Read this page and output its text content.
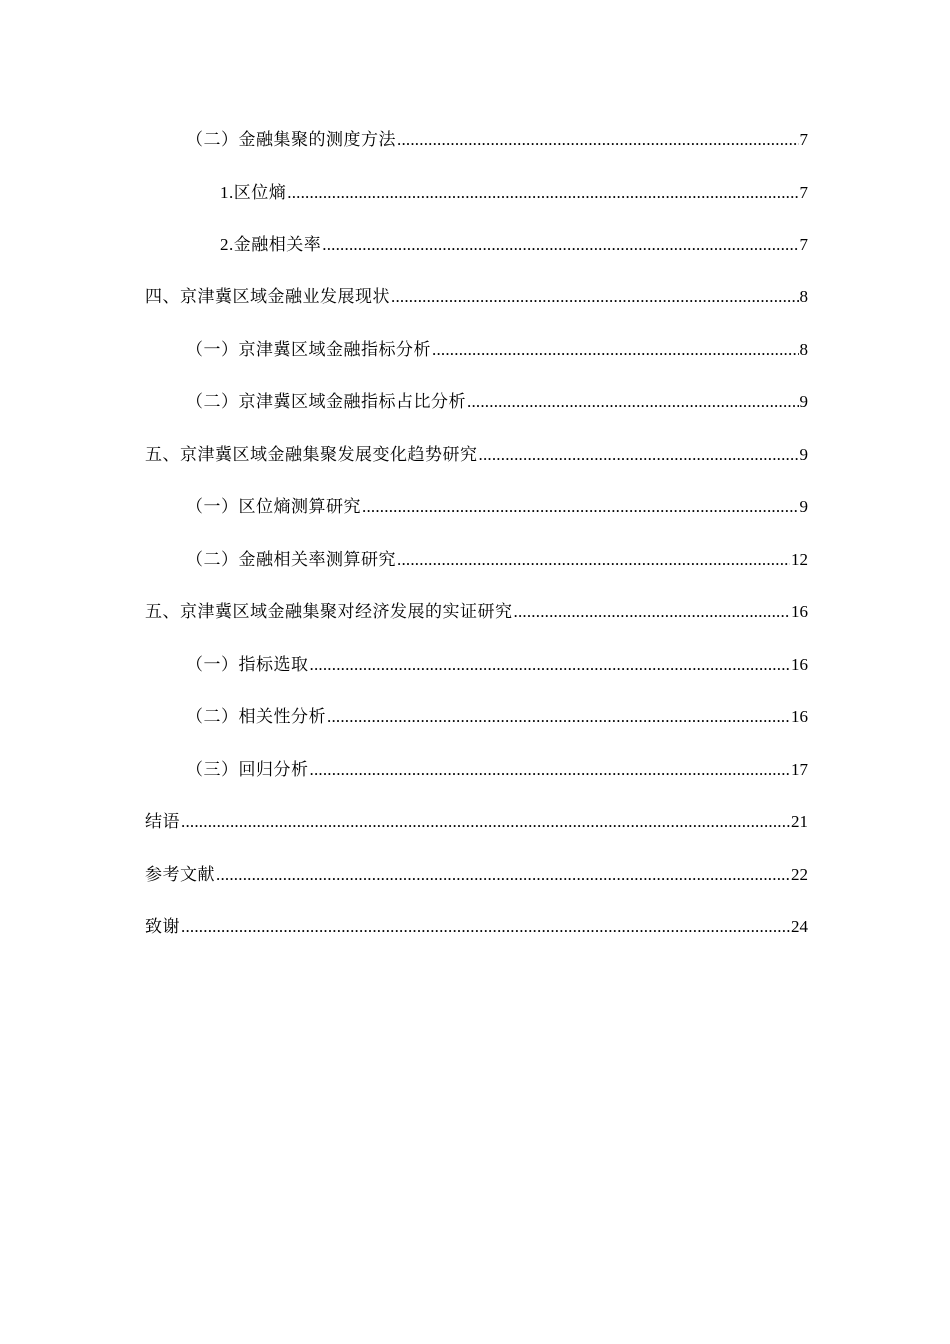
（二）金融集聚的测度方法 .....	7
1.区位熵 .....	7
2.金融相关率 .....	7
四、京津冀区域金融业发展现状 .....	8
（一）京津冀区域金融指标分析 .....	8
（二）京津冀区域金融指标占比分析 .....	9
五、京津冀区域金融集聚发展变化趋势研究 .....	9
（一）区位熵测算研究 .....	9
（二）金融相关率测算研究 .....	12
五、京津冀区域金融集聚对经济发展的实证研究 .....	16
（一）指标选取 .....	16
（二）相关性分析 .....	16
（三）回归分析 .....	17
结语 .....	21
参考文献 .....	22
致谢 .....	24
